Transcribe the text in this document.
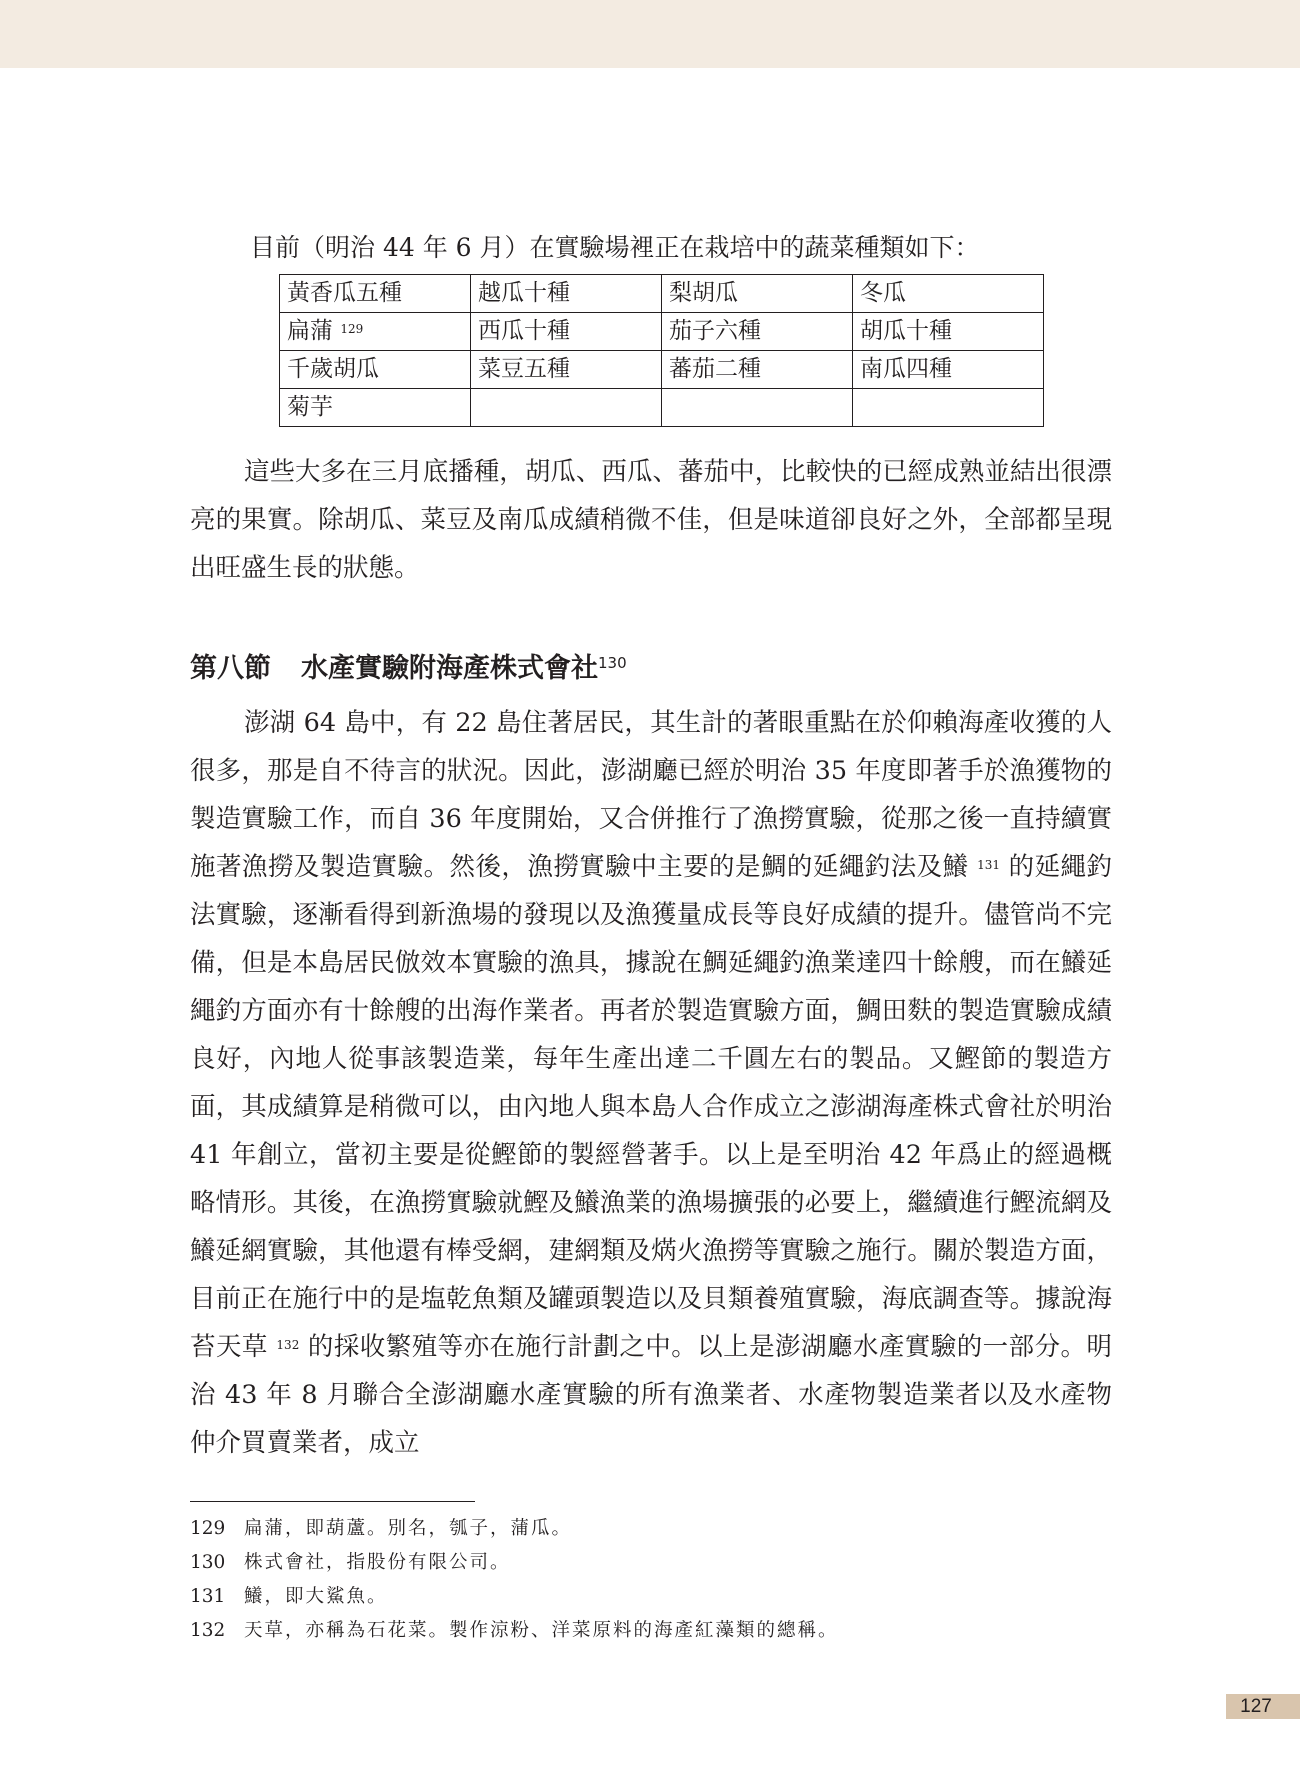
目前（明治 44 年 6 月）在實驗場裡正在栽培中的蔬菜種類如下：
黃香瓜五種	越瓜十種	梨胡瓜	冬瓜
扁蒲 $^{129}$	西瓜十種	茄子六種	胡瓜十種
千歲胡瓜	菜豆五種	蕃茄二種	南瓜四種
菊芋			

這些大多在三月底播種，胡瓜、西瓜、蕃茄中，比較快的已經成熟並結出很漂亮的果實。除胡瓜、菜豆及南瓜成績稍微不佳，但是味道卻良好之外，全部都呈現出旺盛生長的狀態。

第八節 水產實驗附海產株式會社$^{130}$

澎湖 64 島中，有 22 島住著居民，其生計的著眼重點在於仰賴海產收獲的人很多，那是自不待言的狀況。因此，澎湖廳已經於明治 35 年度即著手於漁獲物的製造實驗工作，而自 36 年度開始，又合併推行了漁撈實驗，從那之後一直持續實施著漁撈及製造實驗。然後，漁撈實驗中主要的是鯛的延繩釣法及鱶 $^{131}$ 的延繩釣法實驗，逐漸看得到新漁場的發現以及漁獲量成長等良好成績的提升。儘管尚不完備，但是本島居民倣效本實驗的漁具，據說在鯛延繩釣漁業達四十餘艘，而在鱶延繩釣方面亦有十餘艘的出海作業者。再者於製造實驗方面，鯛田麩的製造實驗成績良好，內地人從事該製造業，每年生產出達二千圓左右的製品。又鰹節的製造方面，其成績算是稍微可以，由內地人與本島人合作成立之澎湖海產株式會社於明治 41 年創立，當初主要是從鰹節的製經營著手。以上是至明治 42 年爲止的經過概略情形。其後，在漁撈實驗就鰹及鱶漁業的漁場擴張的必要上，繼續進行鰹流網及鱶延網實驗，其他還有棒受網，建網類及焫火漁撈等實驗之施行。關於製造方面，目前正在施行中的是塩乾魚類及罐頭製造以及貝類養殖實驗，海底調查等。據說海苔天草 $^{132}$ 的採收繁殖等亦在施行計劃之中。以上是澎湖廳水產實驗的一部分。明治 43 年 8 月聯合全澎湖廳水產實驗的所有漁業者、水產物製造業者以及水產物仲介買賣業者，成立

129 扁蒲，即葫蘆。別名，瓠子，蒲瓜。
130 株式會社，指股份有限公司。
131 鱶，即大鯊魚。
132 天草，亦稱為石花菜。製作涼粉、洋菜原料的海產紅藻類的總稱。
127
